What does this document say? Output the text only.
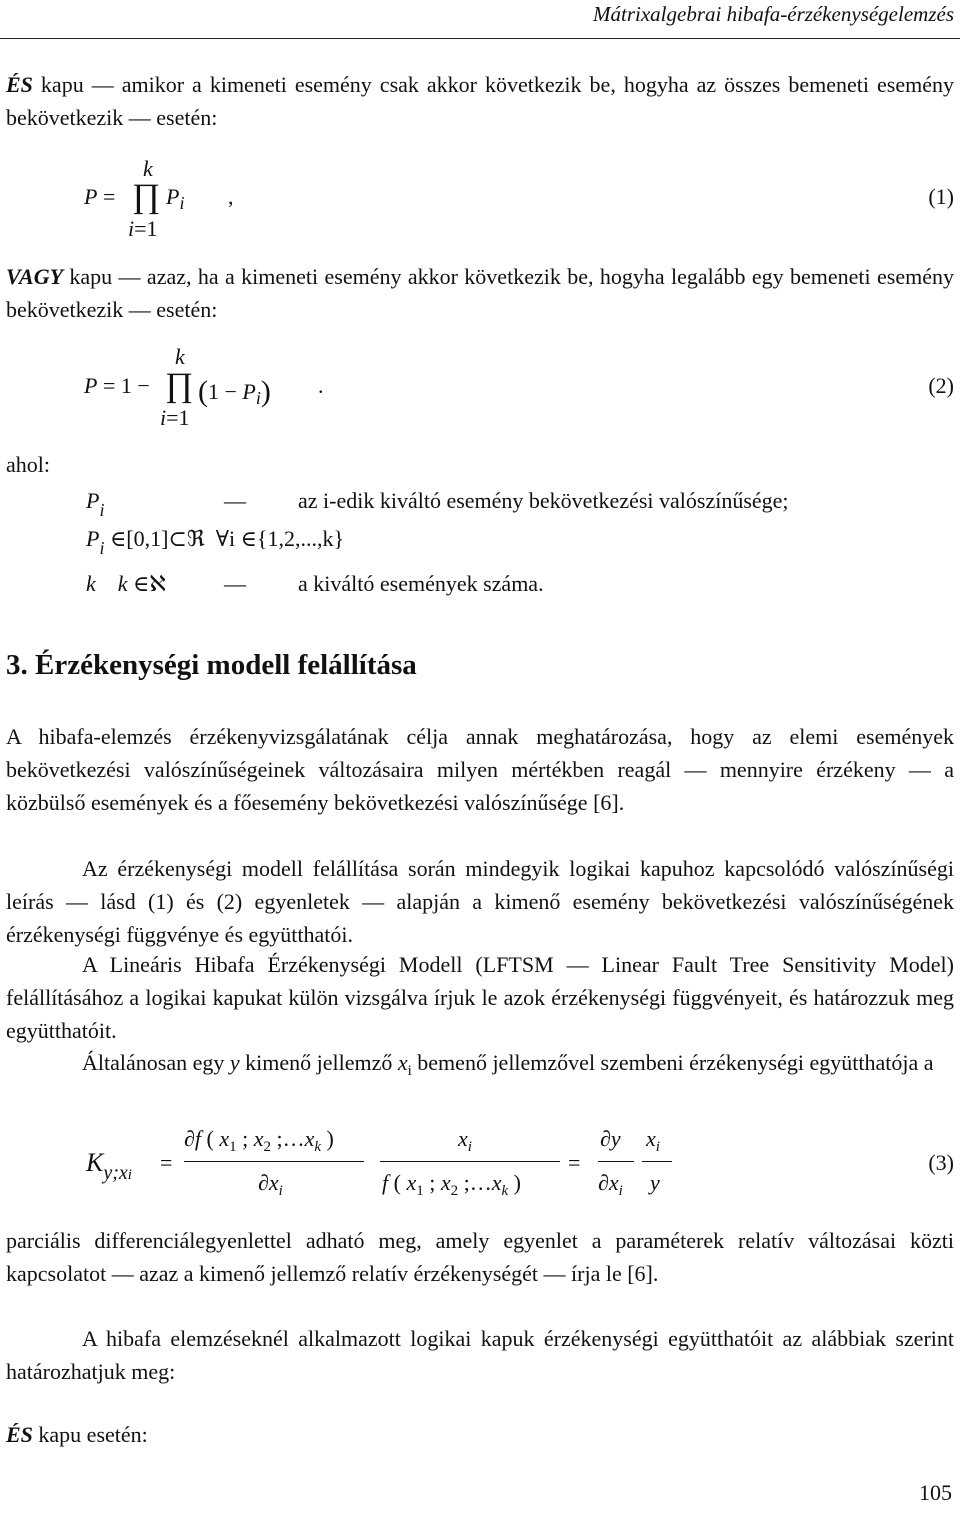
Mátrixalgebrai hibafa-érzékenységelemzés

ÉS kapu — amikor a kimeneti esemény csak akkor következik be, hogyha az összes bemeneti esemény bekövetkezik — esetén:

k
P = ∏ $P_i$ ,
i=1
(1)

VAGY kapu — azaz, ha a kimeneti esemény akkor következik be, hogyha legalább egy bemeneti esemény bekövetkezik — esetén:

k
P = 1 − ∏ $(1 - P_i)$ .
i=1
(2)
ahol:
$P_i$	— az i-edik kiváltó esemény bekövetkezési valószínűsége;
$P_i$ ∈[0,1]⊂ℜ  ∀i ∈{1,2,...,k}
k k ∈ℵ	— a kiváltó események száma.
3. Érzékenységi modell felállítása

A hibafa-elemzés érzékenyvizsgálatának célja annak meghatározása, hogy az elemi események bekövetkezési valószínűségeinek változásaira milyen mértékben reagál — mennyire érzékeny — a közbülső események és a főesemény bekövetkezési valószínűsége [6].

Az érzékenységi modell felállítása során mindegyik logikai kapuhoz kapcsolódó valószínűségi leírás — lásd (1) és (2) egyenletek — alapján a kimenő esemény bekövetkezési valószínűségének érzékenységi függvénye és együtthatói.

A Lineáris Hibafa Érzékenységi Modell (LFTSM — Linear Fault Tree Sensitivity Model) felállításához a logikai kapukat külön vizsgálva írjuk le azok érzékenységi függvényeit, és határozzuk meg együtthatóit.

Általánosan egy y kimenő jellemző $x_i$ bemenő jellemzővel szembeni érzékenységi együtthatója a

Ky;xi =
∂f ( $x_1$ ; $x_2$ $;\dots x_k$ )
$\partial x_i$
$x_i$
f ( $x_1$ ; $x_2$ $;\dots x_k$ )
=
∂y
$\partial x_i$
$x_i$
y
(3)

parciális differenciálegyenlettel adható meg, amely egyenlet a paraméterek relatív változásai közti kapcsolatot — azaz a kimenő jellemző relatív érzékenységét — írja le [6].

A hibafa elemzéseknél alkalmazott logikai kapuk érzékenységi együtthatóit az alábbiak szerint határozhatjuk meg:

ÉS kapu esetén:

105
